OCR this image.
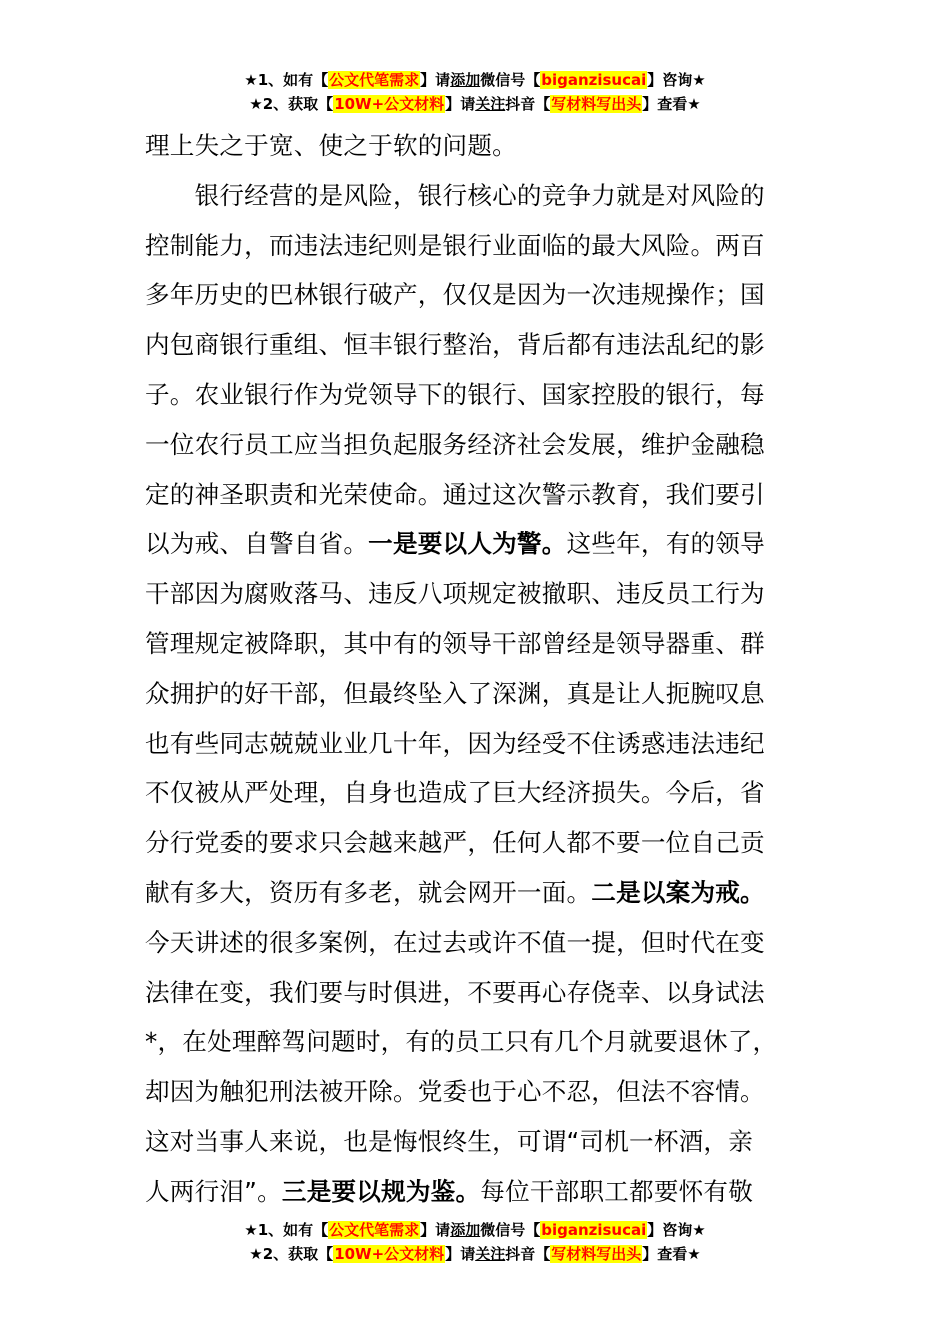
★1、如有【公文代笔需求】请添加微信号【biganzisucai】咨询★
★2、获取【10W+公文材料】请关注抖音【写材料写出头】查看★
理上失之于宽、使之于软的问题。
　　银行经营的是风险，银行核心的竞争力就是对风险的
控制能力，而违法违纪则是银行业面临的最大风险。两百
多年历史的巴林银行破产，仅仅是因为一次违规操作；国
内包商银行重组、恒丰银行整治，背后都有违法乱纪的影
子。农业银行作为党领导下的银行、国家控股的银行，每
一位农行员工应当担负起服务经济社会发展，维护金融稳
定的神圣职责和光荣使命。通过这次警示教育，我们要引
以为戒、自警自省。一是要以人为警。这些年，有的领导
干部因为腐败落马、违反八项规定被撤职、违反员工行为
管理规定被降职，其中有的领导干部曾经是领导器重、群
众拥护的好干部，但最终坠入了深渊，真是让人扼腕叹息
也有些同志兢兢业业几十年，因为经受不住诱惑违法违纪
不仅被从严处理，自身也造成了巨大经济损失。今后，省
分行党委的要求只会越来越严，任何人都不要一位自己贡
献有多大，资历有多老，就会网开一面。二是以案为戒。
今天讲述的很多案例，在过去或许不值一提，但时代在变
法律在变，我们要与时俱进，不要再心存侥幸、以身试法
*，在处理醉驾问题时，有的员工只有几个月就要退休了，
却因为触犯刑法被开除。党委也于心不忍，但法不容情。
这对当事人来说，也是悔恨终生，可谓“司机一杯酒，亲
人两行泪”。三是要以规为鉴。每位干部职工都要怀有敬
★1、如有【公文代笔需求】请添加微信号【biganzisucai】咨询★
★2、获取【10W+公文材料】请关注抖音【写材料写出头】查看★
